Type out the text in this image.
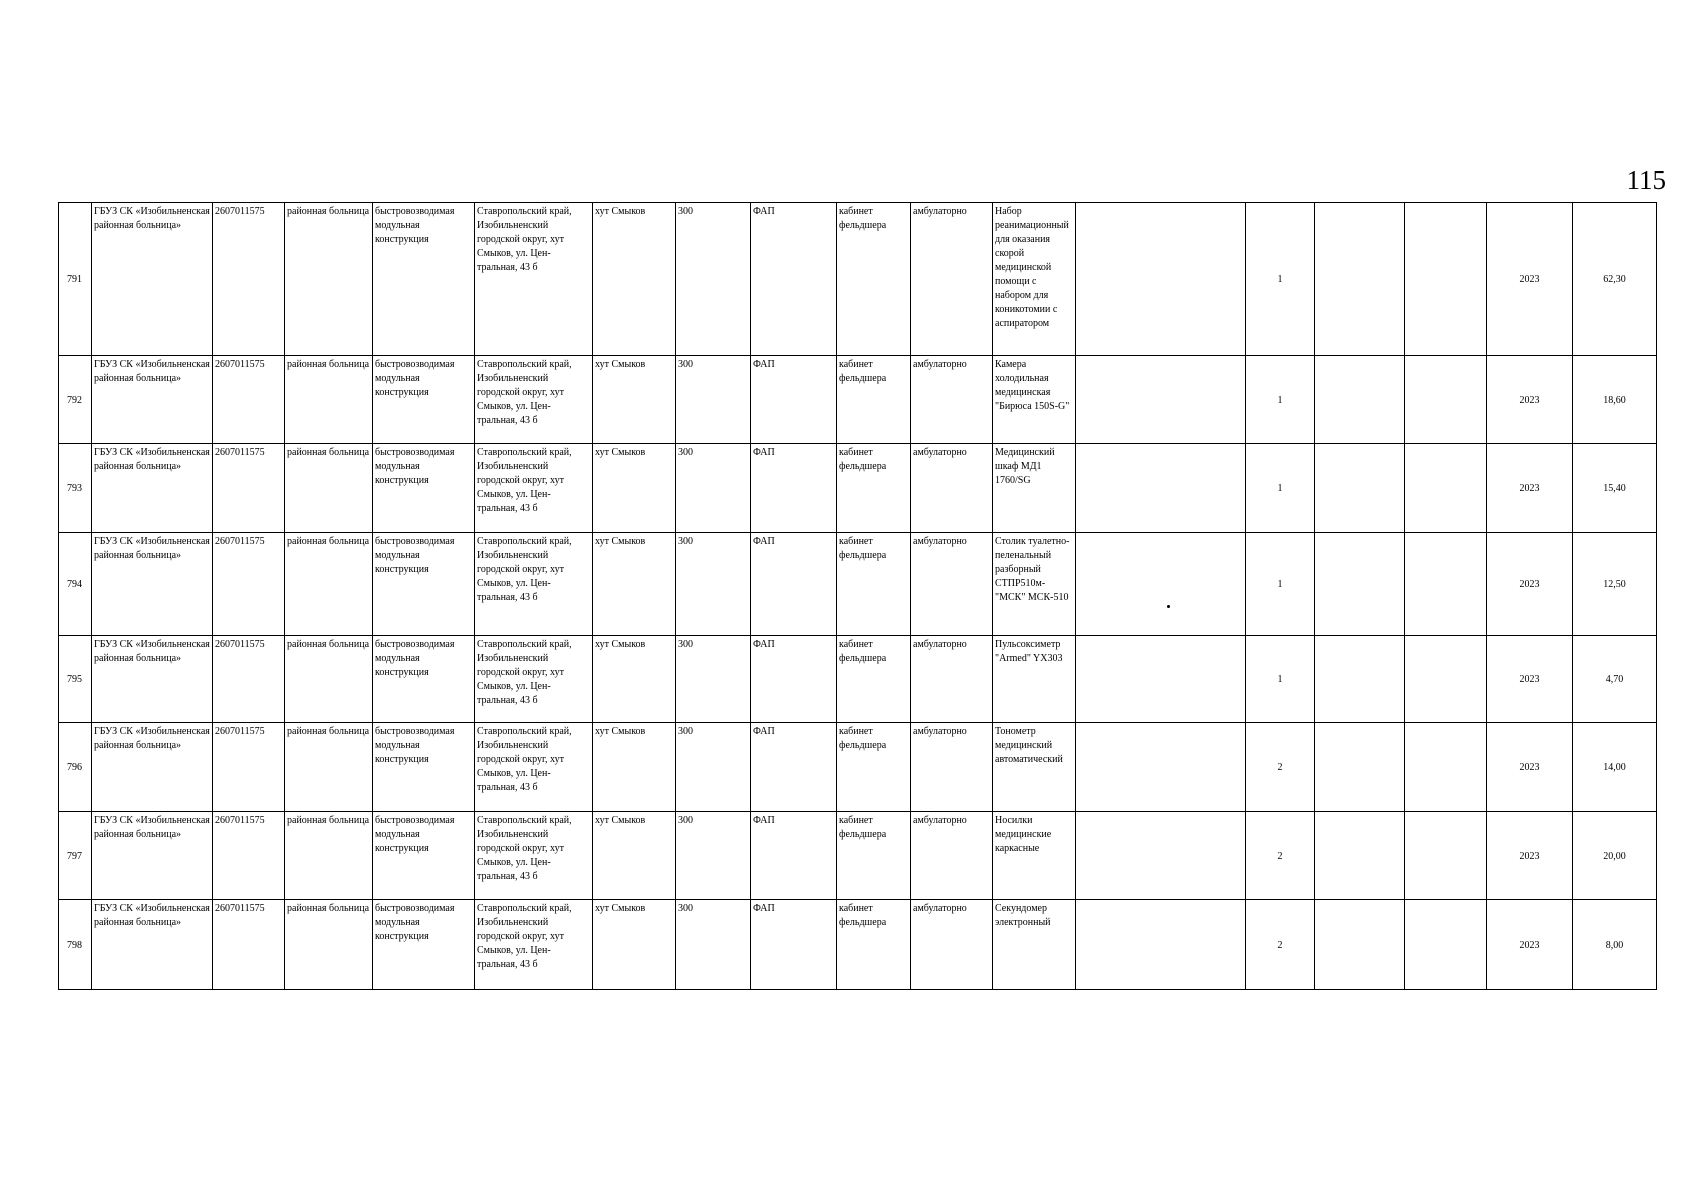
115
791	ГБУЗ СК «Изобильненская районная больница»	2607011575	районная больница	быстровозводимая модульная конструкция	Ставропольский край, Изобильненский городской округ, хут Смыков, ул. Цен-тральная, 43 б	хут Смыков	300	ФАП	кабинет фельдшера	амбулаторно	Набор реанимационный для оказания скорой медицинской помощи с набором для коникотомии с аспиратором		1			2023	62,30
792	ГБУЗ СК «Изобильненская районная больница»	2607011575	районная больница	быстровозводимая модульная конструкция	Ставропольский край, Изобильненский городской округ, хут Смыков, ул. Цен-тральная, 43 б	хут Смыков	300	ФАП	кабинет фельдшера	амбулаторно	Камера холодильная медицинская "Бирюса 150S-G"		1			2023	18,60
793	ГБУЗ СК «Изобильненская районная больница»	2607011575	районная больница	быстровозводимая модульная конструкция	Ставропольский край, Изобильненский городской округ, хут Смыков, ул. Цен-тральная, 43 б	хут Смыков	300	ФАП	кабинет фельдшера	амбулаторно	Медицинский шкаф МД1 1760/SG		1			2023	15,40
794	ГБУЗ СК «Изобильненская районная больница»	2607011575	районная больница	быстровозводимая модульная конструкция	Ставропольский край, Изобильненский городской округ, хут Смыков, ул. Цен-тральная, 43 б	хут Смыков	300	ФАП	кабинет фельдшера	амбулаторно	Столик туалетно-пеленальный разборный СТПР510м-"МСК" МСК-510		1			2023	12,50
795	ГБУЗ СК «Изобильненская районная больница»	2607011575	районная больница	быстровозводимая модульная конструкция	Ставропольский край, Изобильненский городской округ, хут Смыков, ул. Цен-тральная, 43 б	хут Смыков	300	ФАП	кабинет фельдшера	амбулаторно	Пульсоксиметр "Armed" YX303		1			2023	4,70
796	ГБУЗ СК «Изобильненская районная больница»	2607011575	районная больница	быстровозводимая модульная конструкция	Ставропольский край, Изобильненский городской округ, хут Смыков, ул. Цен-тральная, 43 б	хут Смыков	300	ФАП	кабинет фельдшера	амбулаторно	Тонометр медицинский автоматический		2			2023	14,00
797	ГБУЗ СК «Изобильненская районная больница»	2607011575	районная больница	быстровозводимая модульная конструкция	Ставропольский край, Изобильненский городской округ, хут Смыков, ул. Цен-тральная, 43 б	хут Смыков	300	ФАП	кабинет фельдшера	амбулаторно	Носилки медицинские каркасные		2			2023	20,00
798	ГБУЗ СК «Изобильненская районная больница»	2607011575	районная больница	быстровозводимая модульная конструкция	Ставропольский край, Изобильненский городской округ, хут Смыков, ул. Цен-тральная, 43 б	хут Смыков	300	ФАП	кабинет фельдшера	амбулаторно	Секундомер электронный		2			2023	8,00
